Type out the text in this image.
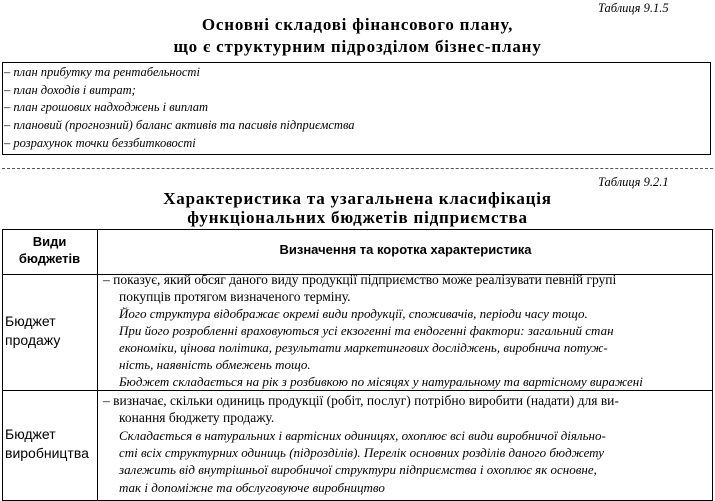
Таблиця 9.1.5
Основні складові фінансового плану,
що є структурним підрозділом бізнес-плану
– план прибутку та рентабельності
– план доходів і витрат;
– план грошових надходжень і виплат
– плановий (прогнозний) баланс активів та пасивів підприємства
– розрахунок точки беззбитковості
Таблиця 9.2.1
Характеристика та узагальнена класифікація
функціональних бюджетів підприємства
Види
бюджетів
Визначення та коротка характеристика
Бюджет
продажу
– показує, який обсяг даного виду продукції підприємство може реалізувати певній групі
покупців протягом визначеного терміну.
Його структура відображає окремі види продукції, споживачів, періоди часу тощо.
При його розробленні враховуються усі екзогенні та ендогенні фактори: загальний стан
економіки, цінова політика, результати маркетингових досліджень, виробнича потуж-
ність, наявність обмежень тощо.
Бюджет складається на рік з розбивкою по місяцях у натуральному та вартісному виражені
Бюджет
виробництва
– визначає, скільки одиниць продукції (робіт, послуг) потрібно виробити (надати) для ви-
конання бюджету продажу.
Складається в натуральних і вартісних одиницях, охоплює всі види виробничої діяльно-
сті всіх структурних одиниць (підрозділів). Перелік основних розділів даного бюджету
залежить від внутрішньої виробничої структури підприємства і охоплює як основне,
так і допоміжне та обслуговуюче виробництво
